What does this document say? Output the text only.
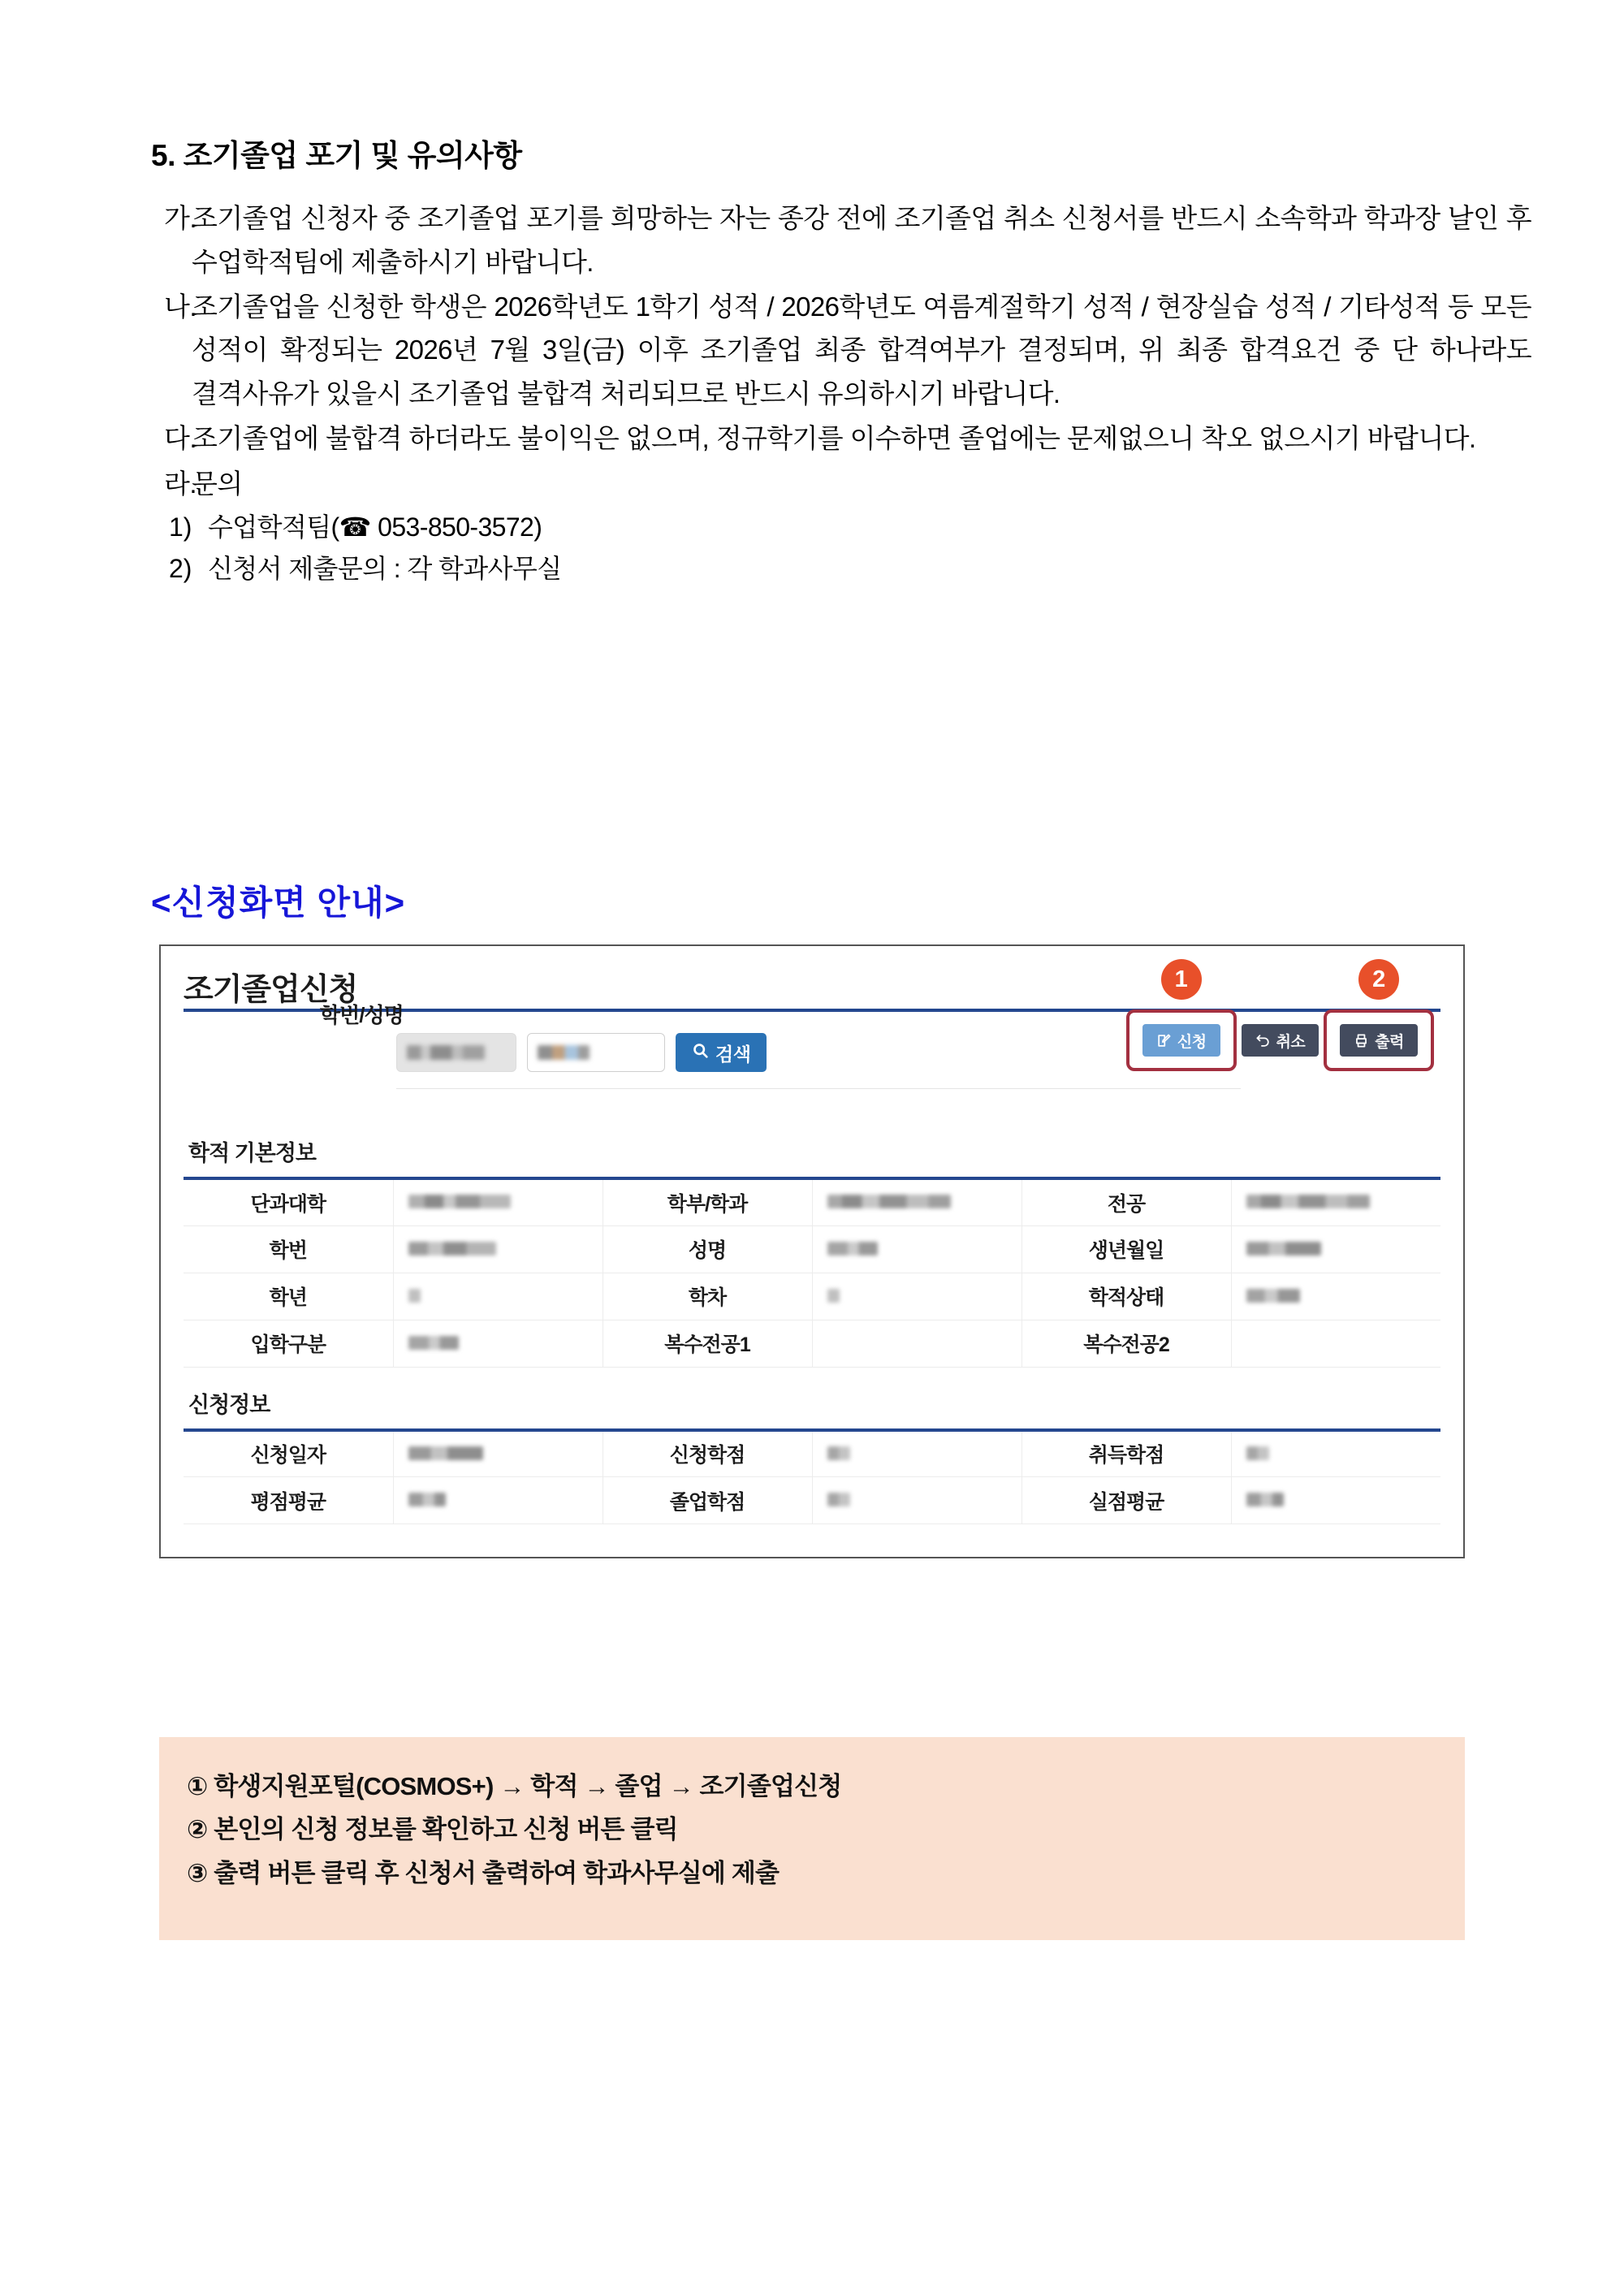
5. 조기졸업 포기 및 유의사항
가.
조기졸업 신청자 중 조기졸업 포기를 희망하는 자는 종강 전에 조기졸업 취소 신청서를 반드시 소속학과 학과장 날인 후 수업학적팀에 제출하시기 바랍니다.
나.
조기졸업을 신청한 학생은 2026학년도 1학기 성적 / 2026학년도 여름계절학기 성적 / 현장실습 성적 / 기타성적 등 모든 성적이 확정되는 2026년 7월 3일(금) 이후 조기졸업 최종 합격여부가 결정되며, 위 최종 합격요건 중 단 하나라도 결격사유가 있을시 조기졸업 불합격 처리되므로 반드시 유의하시기 바랍니다.
다.
조기졸업에 불합격 하더라도 불이익은 없으며, 정규학기를 이수하면 졸업에는 문제없으니 착오 없으시기 바랍니다.
라.
문의
1) 수업학적팀(☎ 053-850-3572)
2) 신청서 제출문의 : 각 학과사무실
<신청화면 안내>
조기졸업신청	1
신청	취소
2
출력
학번/성명
검색
학적 기본정보
단과대학		학부/학과		전공	
학번		성명		생년월일	
학년		학차		학적상태	
입학구분		복수전공1		복수전공2	
신청정보
신청일자		신청학점		취득학점	
평점평균		졸업학점		실점평균	
① 학생지원포털(COSMOS+) → 학적 → 졸업 → 조기졸업신청
② 본인의 신청 정보를 확인하고 신청 버튼 클릭
③ 출력 버튼 클릭 후 신청서 출력하여 학과사무실에 제출
